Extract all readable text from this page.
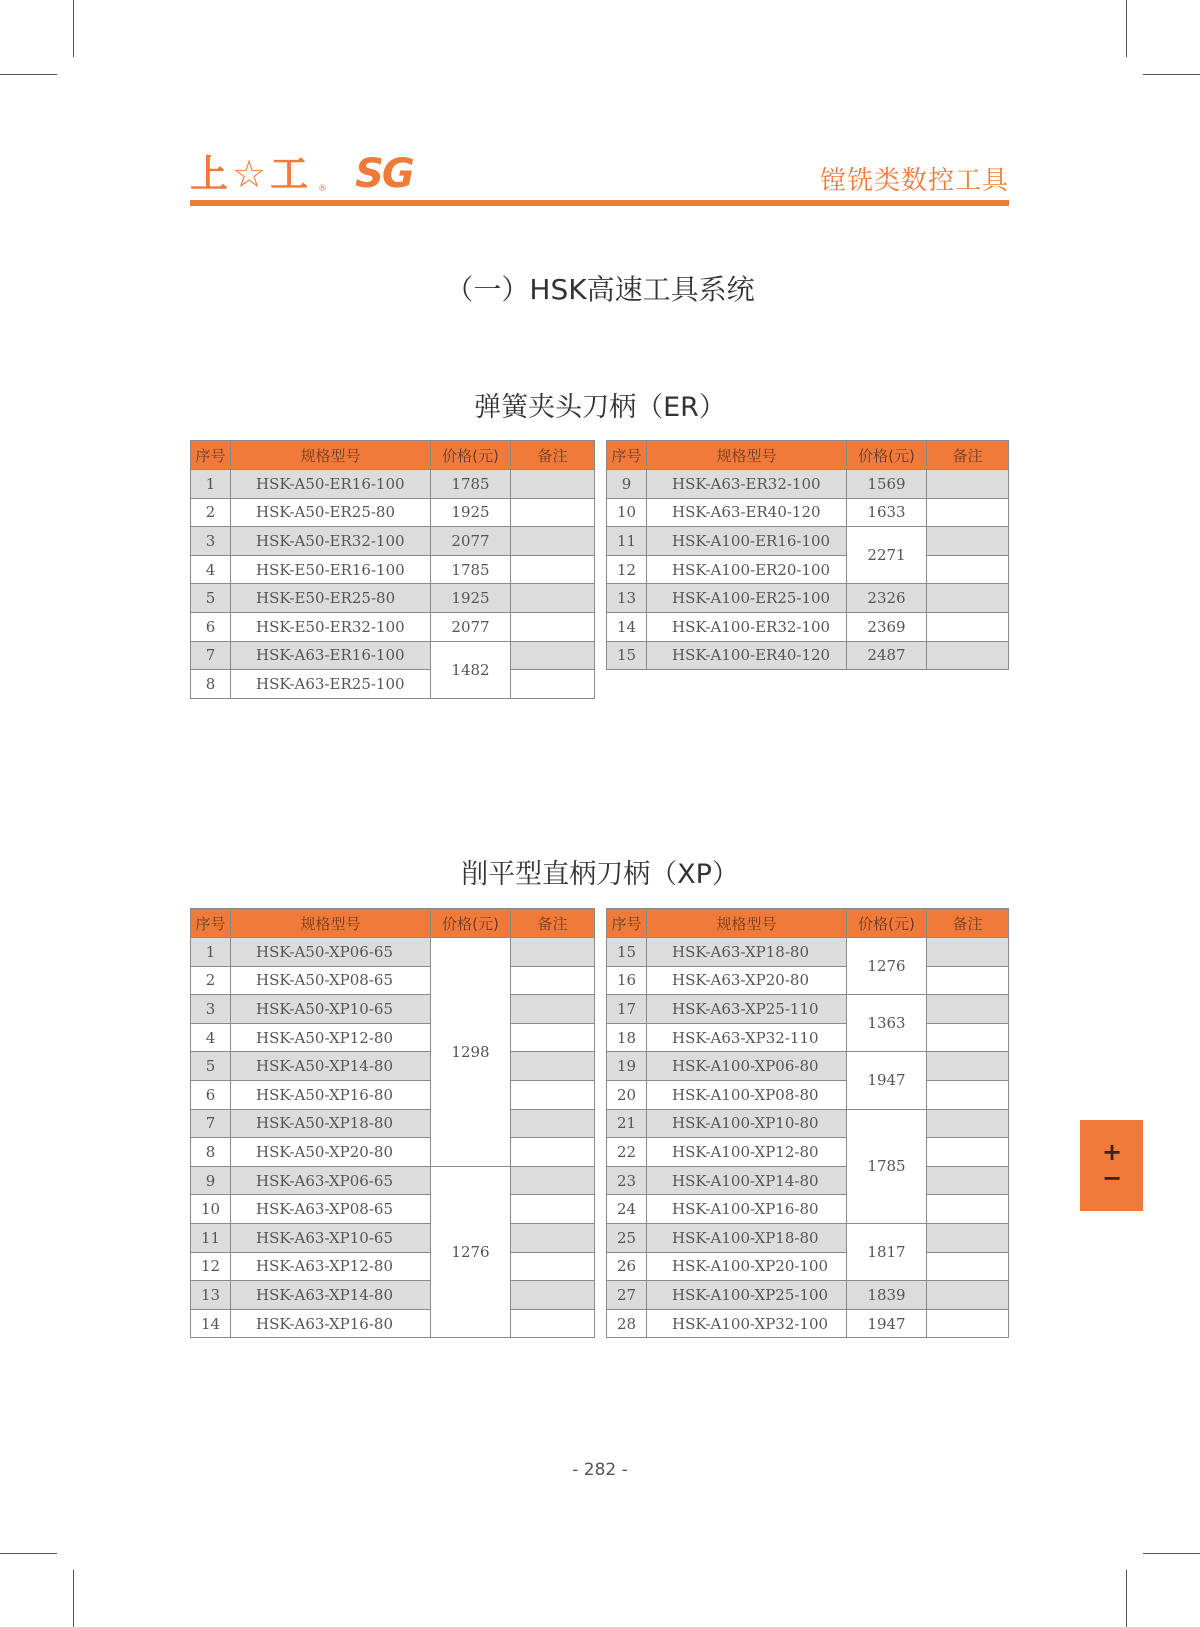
上☆工 ® SG	镗铣类数控工具
（一）HSK高速工具系统
弹簧夹头刀柄（ER）
削平型直柄刀柄（XP）
序号	规格型号	价格(元)	备注
1	HSK-A50-ER16-100	1785	
2	HSK-A50-ER25-80	1925	
3	HSK-A50-ER32-100	2077	
4	HSK-E50-ER16-100	1785	
5	HSK-E50-ER25-80	1925	
6	HSK-E50-ER32-100	2077	
7	HSK-A63-ER16-100	1482	
8	HSK-A63-ER25-100		
序号	规格型号	价格(元)	备注
9	HSK-A63-ER32-100	1569	
10	HSK-A63-ER40-120	1633	
11	HSK-A100-ER16-100	2271	
12	HSK-A100-ER20-100		
13	HSK-A100-ER25-100	2326	
14	HSK-A100-ER32-100	2369	
15	HSK-A100-ER40-120	2487	
序号	规格型号	价格(元)	备注
1	HSK-A50-XP06-65	1298	
2	HSK-A50-XP08-65		
3	HSK-A50-XP10-65		
4	HSK-A50-XP12-80		
5	HSK-A50-XP14-80		
6	HSK-A50-XP16-80		
7	HSK-A50-XP18-80		
8	HSK-A50-XP20-80		
9	HSK-A63-XP06-65	1276	
10	HSK-A63-XP08-65		
11	HSK-A63-XP10-65		
12	HSK-A63-XP12-80		
13	HSK-A63-XP14-80		
14	HSK-A63-XP16-80		
序号	规格型号	价格(元)	备注
15	HSK-A63-XP18-80	1276	
16	HSK-A63-XP20-80		
17	HSK-A63-XP25-110	1363	
18	HSK-A63-XP32-110		
19	HSK-A100-XP06-80	1947	
20	HSK-A100-XP08-80		
21	HSK-A100-XP10-80	1785	
22	HSK-A100-XP12-80		
23	HSK-A100-XP14-80		
24	HSK-A100-XP16-80		
25	HSK-A100-XP18-80	1817	
26	HSK-A100-XP20-100		
27	HSK-A100-XP25-100	1839	
28	HSK-A100-XP32-100	1947	
- 282 -
+
−
